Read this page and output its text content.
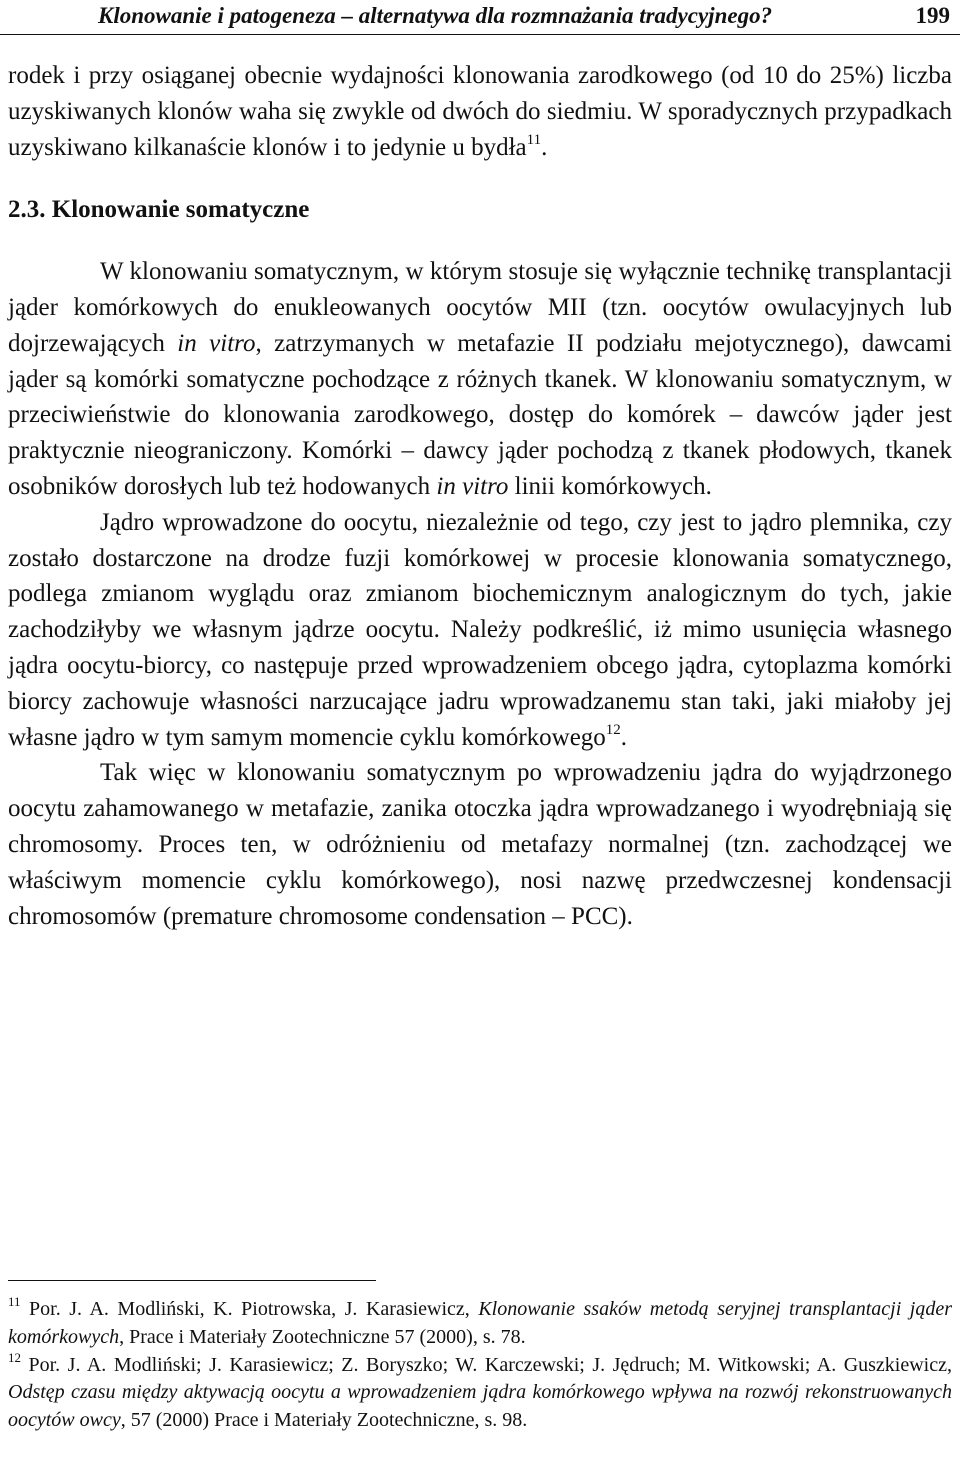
Klonowanie i patogeneza – alternatywa dla rozmnażania tradycyjnego?	199

rodek i przy osiąganej obecnie wydajności klonowania zarodkowego (od 10 do 25%) liczba uzyskiwanych klonów waha się zwykle od dwóch do siedmiu. W sporadycznych przypadkach uzyskiwano kilkanaście klonów i to jedynie u bydła$^{11}$.

2.3. Klonowanie somatyczne

W klonowaniu somatycznym, w którym stosuje się wyłącznie technikę transplantacji jąder komórkowych do enukleowanych oocytów MII (tzn. oocytów owulacyjnych lub dojrzewających in vitro, zatrzymanych w metafazie II podziału mejotycznego), dawcami jąder są komórki somatyczne pochodzące z różnych tkanek. W klonowaniu somatycznym, w przeciwieństwie do klonowania zarodkowego, dostęp do komórek – dawców jąder jest praktycznie nieograniczony. Komórki – dawcy jąder pochodzą z tkanek płodowych, tkanek osobników dorosłych lub też hodowanych in vitro linii komórkowych.

Jądro wprowadzone do oocytu, niezależnie od tego, czy jest to jądro plemnika, czy zostało dostarczone na drodze fuzji komórkowej w procesie klonowania somatycznego, podlega zmianom wyglądu oraz zmianom biochemicznym analogicznym do tych, jakie zachodziłyby we własnym jądrze oocytu. Należy podkreślić, iż mimo usunięcia własnego jądra oocytu-biorcy, co następuje przed wprowadzeniem obcego jądra, cytoplazma komórki biorcy zachowuje własności narzucające jadru wprowadzanemu stan taki, jaki miałoby jej własne jądro w tym samym momencie cyklu komórkowego$^{12}$.

Tak więc w klonowaniu somatycznym po wprowadzeniu jądra do wyjądrzonego oocytu zahamowanego w metafazie, zanika otoczka jądra wprowadzanego i wyodrębniają się chromosomy. Proces ten, w odróżnieniu od metafazy normalnej (tzn. zachodzącej we właściwym momencie cyklu komórkowego), nosi nazwę przedwczesnej kondensacji chromosomów (premature chromosome condensation – PCC).

$^{11}$ Por. J. A. Modliński, K. Piotrowska, J. Karasiewicz, Klonowanie ssaków metodą seryjnej transplantacji jąder komórkowych, Prace i Materiały Zootechniczne 57 (2000), s. 78.

$^{12}$ Por. J. A. Modliński; J. Karasiewicz; Z. Boryszko; W. Karczewski; J. Jędruch; M. Witkowski; A. Guszkiewicz, Odstęp czasu między aktywacją oocytu a wprowadzeniem jądra komórkowego wpływa na rozwój rekonstruowanych oocytów owcy, 57 (2000) Prace i Materiały Zootechniczne, s. 98.
